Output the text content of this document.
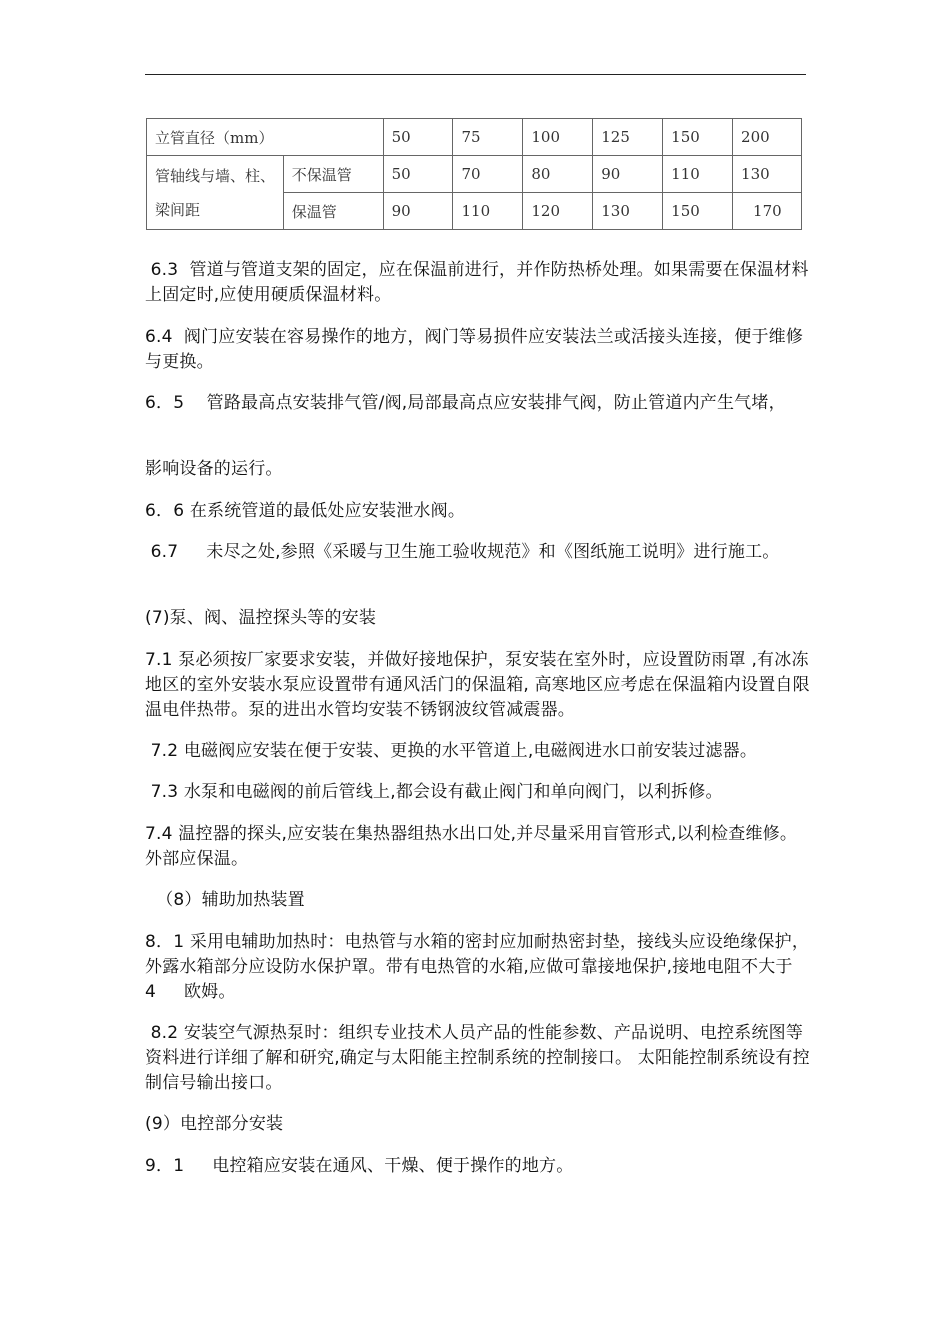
立管直径（mm）		50	75	100	125	150	200
管轴线与墙、柱、梁间距	不保温管	50	70	80	90	110	130
	保温管	90	110	120	130	150	170

6.3  管道与管道支架的固定，应在保温前进行，并作防热桥处理。如果需要在保温材料上固定时,应使用硬质保温材料。

6.4  阀门应安装在容易操作的地方，阀门等易损件应安装法兰或活接头连接，便于维修与更换。

6．5    管路最高点安装排气管/阀,局部最高点应安装排气阀，防止管道内产生气堵，

影响设备的运行。

6．6 在系统管道的最低处应安装泄水阀。

6.7     未尽之处,参照《采暖与卫生施工验收规范》和《图纸施工说明》进行施工。

(7)泵、阀、温控探头等的安装

7.1 泵必须按厂家要求安装，并做好接地保护，泵安装在室外时，应设置防雨罩 ,有冰冻地区的室外安装水泵应设置带有通风活门的保温箱, 高寒地区应考虑在保温箱内设置自限温电伴热带。泵的进出水管均安装不锈钢波纹管减震器。

7.2 电磁阀应安装在便于安装、更换的水平管道上,电磁阀进水口前安装过滤器。

7.3 水泵和电磁阀的前后管线上,都会设有截止阀门和单向阀门，以利拆修。

7.4 温控器的探头,应安装在集热器组热水出口处,并尽量采用盲管形式,以利检查维修。外部应保温。

（8）辅助加热装置

8．1 采用电辅助加热时：电热管与水箱的密封应加耐热密封垫，接线头应设绝缘保护，外露水箱部分应设防水保护罩。带有电热管的水箱,应做可靠接地保护,接地电阻不大于  4     欧姆。

8.2 安装空气源热泵时：组织专业技术人员产品的性能参数、产品说明、电控系统图等资料进行详细了解和研究,确定与太阳能主控制系统的控制接口。 太阳能控制系统设有控制信号输出接口。

(9）电控部分安装

9．1     电控箱应安装在通风、干燥、便于操作的地方。
